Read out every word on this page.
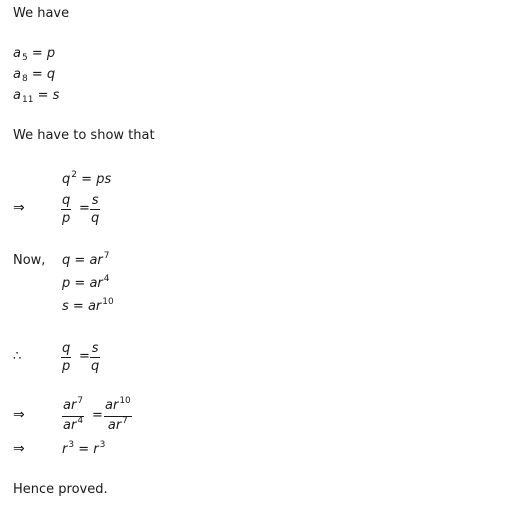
We have
$a_5 = p$
$a_8 = q$
$a_{11} = s$
We have to show that
$q^2$ = ps
⇒	q
p
=
s
q
Now, $q = ar^7$
$p = ar^4$
$s = ar^{10}$
∴
q
p
=
s
q
⇒
$ar^7$
$ar^4$ =
$ar^{10}$
$ar^7$
⇒	$r^3 = r^3$
Hence proved.
